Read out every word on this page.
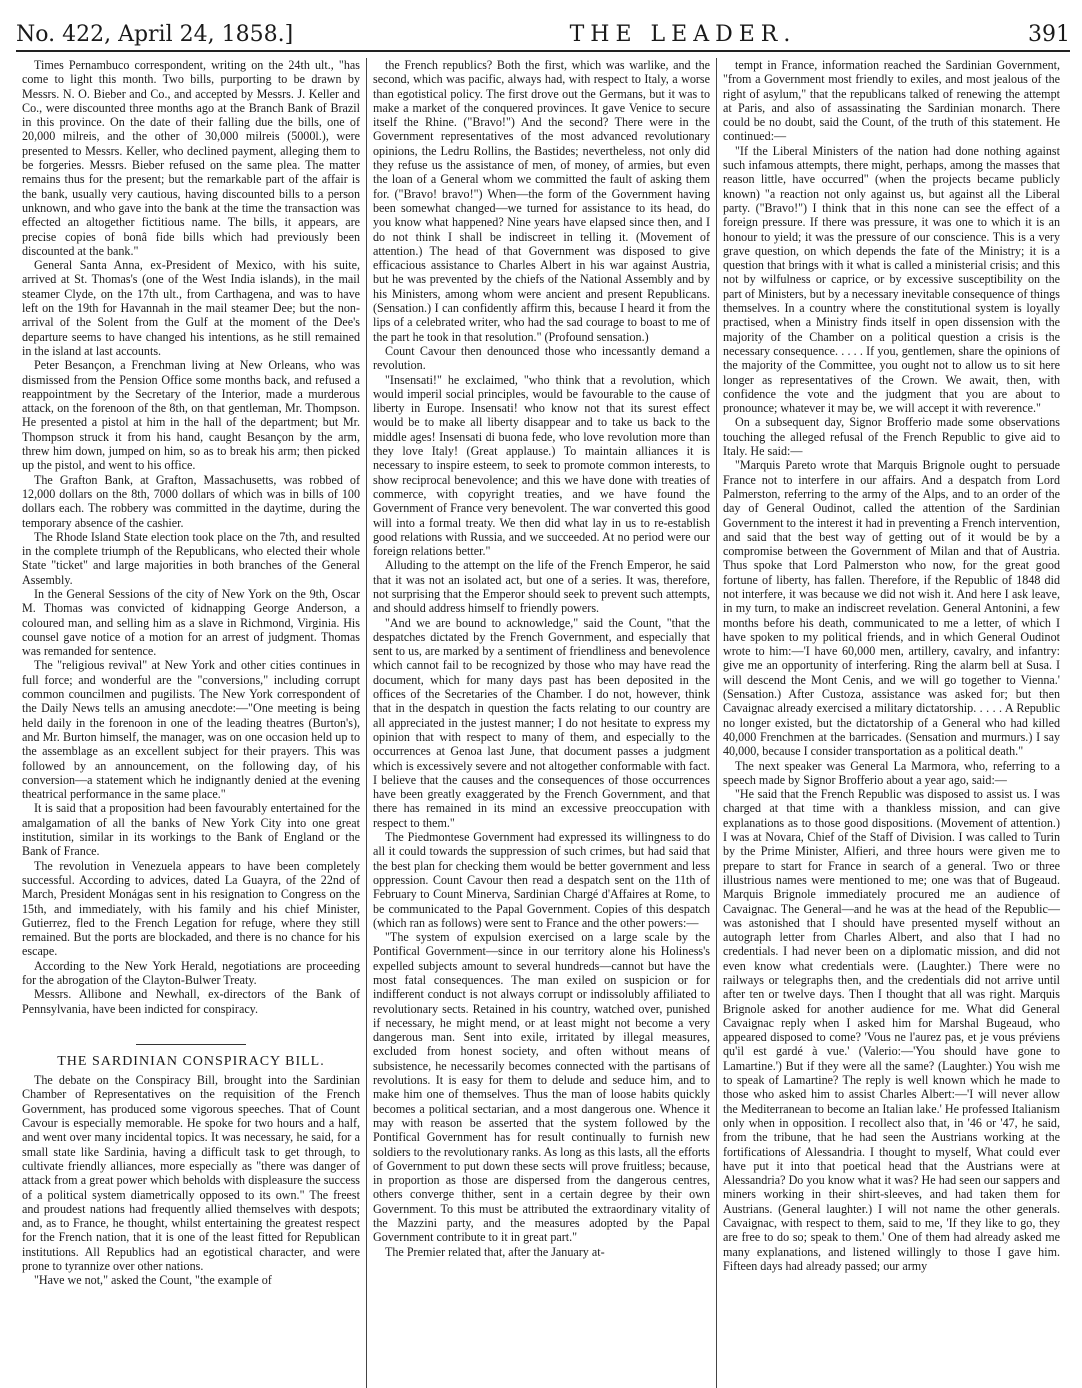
No. 422, April 24, 1858.]	THE LEADER.	391

Times Pernambuco correspondent, writing on the 24th ult., "has come to light this month. Two bills, purporting to be drawn by Messrs. N. O. Bieber and Co., and accepted by Messrs. J. Keller and Co., were discounted three months ago at the Branch Bank of Brazil in this province. On the date of their falling due the bills, one of 20,000 milreis, and the other of 30,000 milreis (5000l.), were presented to Messrs. Keller, who declined payment, alleging them to be forgeries. Messrs. Bieber refused on the same plea. The matter remains thus for the present; but the remarkable part of the affair is the bank, usually very cautious, having discounted bills to a person unknown, and who gave into the bank at the time the transaction was effected an altogether fictitious name. The bills, it appears, are precise copies of bonâ fide bills which had previously been discounted at the bank."

General Santa Anna, ex-President of Mexico, with his suite, arrived at St. Thomas's (one of the West India islands), in the mail steamer Clyde, on the 17th ult., from Carthagena, and was to have left on the 19th for Havannah in the mail steamer Dee; but the non-arrival of the Solent from the Gulf at the moment of the Dee's departure seems to have changed his intentions, as he still remained in the island at last accounts.

Peter Besançon, a Frenchman living at New Orleans, who was dismissed from the Pension Office some months back, and refused a reappointment by the Secretary of the Interior, made a murderous attack, on the forenoon of the 8th, on that gentleman, Mr. Thompson. He presented a pistol at him in the hall of the department; but Mr. Thompson struck it from his hand, caught Besançon by the arm, threw him down, jumped on him, so as to break his arm; then picked up the pistol, and went to his office.

The Grafton Bank, at Grafton, Massachusetts, was robbed of 12,000 dollars on the 8th, 7000 dollars of which was in bills of 100 dollars each. The robbery was committed in the daytime, during the temporary absence of the cashier.

The Rhode Island State election took place on the 7th, and resulted in the complete triumph of the Republicans, who elected their whole State "ticket" and large majorities in both branches of the General Assembly.

In the General Sessions of the city of New York on the 9th, Oscar M. Thomas was convicted of kidnapping George Anderson, a coloured man, and selling him as a slave in Richmond, Virginia. His counsel gave notice of a motion for an arrest of judgment. Thomas was remanded for sentence.

The "religious revival" at New York and other cities continues in full force; and wonderful are the "conversions," including corrupt common councilmen and pugilists. The New York correspondent of the Daily News tells an amusing anecdote:—"One meeting is being held daily in the forenoon in one of the leading theatres (Burton's), and Mr. Burton himself, the manager, was on one occasion held up to the assemblage as an excellent subject for their prayers. This was followed by an announcement, on the following day, of his conversion—a statement which he indignantly denied at the evening theatrical performance in the same place."

It is said that a proposition had been favourably entertained for the amalgamation of all the banks of New York City into one great institution, similar in its workings to the Bank of England or the Bank of France.

The revolution in Venezuela appears to have been completely successful. According to advices, dated La Guayra, of the 22nd of March, President Monágas sent in his resignation to Congress on the 15th, and immediately, with his family and his chief Minister, Gutierrez, fled to the French Legation for refuge, where they still remained. But the ports are blockaded, and there is no chance for his escape.

According to the New York Herald, negotiations are proceeding for the abrogation of the Clayton-Bulwer Treaty.

Messrs. Allibone and Newhall, ex-directors of the Bank of Pennsylvania, have been indicted for conspiracy.

THE SARDINIAN CONSPIRACY BILL.

The debate on the Conspiracy Bill, brought into the Sardinian Chamber of Representatives on the requisition of the French Government, has produced some vigorous speeches. That of Count Cavour is especially memorable. He spoke for two hours and a half, and went over many incidental topics. It was necessary, he said, for a small state like Sardinia, having a difficult task to get through, to cultivate friendly alliances, more especially as "there was danger of attack from a great power which beholds with displeasure the success of a political system diametrically opposed to its own." The freest and proudest nations had frequently allied themselves with despots; and, as to France, he thought, whilst entertaining the greatest respect for the French nation, that it is one of the least fitted for Republican institutions. All Republics had an egotistical character, and were prone to tyrannize over other nations.

"Have we not," asked the Count, "the example of

the French republics? Both the first, which was warlike, and the second, which was pacific, always had, with respect to Italy, a worse than egotistical policy. The first drove out the Germans, but it was to make a market of the conquered provinces. It gave Venice to secure itself the Rhine. ("Bravo!") And the second? There were in the Government representatives of the most advanced revolutionary opinions, the Ledru Rollins, the Bastides; nevertheless, not only did they refuse us the assistance of men, of money, of armies, but even the loan of a General whom we committed the fault of asking them for. ("Bravo! bravo!") When—the form of the Government having been somewhat changed—we turned for assistance to its head, do you know what happened? Nine years have elapsed since then, and I do not think I shall be indiscreet in telling it. (Movement of attention.) The head of that Government was disposed to give efficacious assistance to Charles Albert in his war against Austria, but he was prevented by the chiefs of the National Assembly and by his Ministers, among whom were ancient and present Republicans. (Sensation.) I can confidently affirm this, because I heard it from the lips of a celebrated writer, who had the sad courage to boast to me of the part he took in that resolution." (Profound sensation.)

Count Cavour then denounced those who incessantly demand a revolution.

"Insensati!" he exclaimed, "who think that a revolution, which would imperil social principles, would be favourable to the cause of liberty in Europe. Insensati! who know not that its surest effect would be to make all liberty disappear and to take us back to the middle ages! Insensati di buona fede, who love revolution more than they love Italy! (Great applause.) To maintain alliances it is necessary to inspire esteem, to seek to promote common interests, to show reciprocal benevolence; and this we have done with treaties of commerce, with copyright treaties, and we have found the Government of France very benevolent. The war converted this good will into a formal treaty. We then did what lay in us to re-establish good relations with Russia, and we succeeded. At no period were our foreign relations better."

Alluding to the attempt on the life of the French Emperor, he said that it was not an isolated act, but one of a series. It was, therefore, not surprising that the Emperor should seek to prevent such attempts, and should address himself to friendly powers.

"And we are bound to acknowledge," said the Count, "that the despatches dictated by the French Government, and especially that sent to us, are marked by a sentiment of friendliness and benevolence which cannot fail to be recognized by those who may have read the document, which for many days past has been deposited in the offices of the Secretaries of the Chamber. I do not, however, think that in the despatch in question the facts relating to our country are all appreciated in the justest manner; I do not hesitate to express my opinion that with respect to many of them, and especially to the occurrences at Genoa last June, that document passes a judgment which is excessively severe and not altogether conformable with fact. I believe that the causes and the consequences of those occurrences have been greatly exaggerated by the French Government, and that there has remained in its mind an excessive preoccupation with respect to them."

The Piedmontese Government had expressed its willingness to do all it could towards the suppression of such crimes, but had said that the best plan for checking them would be better government and less oppression. Count Cavour then read a despatch sent on the 11th of February to Count Minerva, Sardinian Chargé d'Affaires at Rome, to be communicated to the Papal Government. Copies of this despatch (which ran as follows) were sent to France and the other powers:—

"The system of expulsion exercised on a large scale by the Pontifical Government—since in our territory alone his Holiness's expelled subjects amount to several hundreds—cannot but have the most fatal consequences. The man exiled on suspicion or for indifferent conduct is not always corrupt or indissolubly affiliated to revolutionary sects. Retained in his country, watched over, punished if necessary, he might mend, or at least might not become a very dangerous man. Sent into exile, irritated by illegal measures, excluded from honest society, and often without means of subsistence, he necessarily becomes connected with the partisans of revolutions. It is easy for them to delude and seduce him, and to make him one of themselves. Thus the man of loose habits quickly becomes a political sectarian, and a most dangerous one. Whence it may with reason be asserted that the system followed by the Pontifical Government has for result continually to furnish new soldiers to the revolutionary ranks. As long as this lasts, all the efforts of Government to put down these sects will prove fruitless; because, in proportion as those are dispersed from the dangerous centres, others converge thither, sent in a certain degree by their own Government. To this must be attributed the extraordinary vitality of the Mazzini party, and the measures adopted by the Papal Government contribute to it in great part."

The Premier related that, after the January at-

tempt in France, information reached the Sardinian Government, "from a Government most friendly to exiles, and most jealous of the right of asylum," that the republicans talked of renewing the attempt at Paris, and also of assassinating the Sardinian monarch. There could be no doubt, said the Count, of the truth of this statement. He continued:—

"If the Liberal Ministers of the nation had done nothing against such infamous attempts, there might, perhaps, among the masses that reason little, have occurred" (when the projects became publicly known) "a reaction not only against us, but against all the Liberal party. ("Bravo!") I think that in this none can see the effect of a foreign pressure. If there was pressure, it was one to which it is an honour to yield; it was the pressure of our conscience. This is a very grave question, on which depends the fate of the Ministry; it is a question that brings with it what is called a ministerial crisis; and this not by wilfulness or caprice, or by excessive susceptibility on the part of Ministers, but by a necessary inevitable consequence of things themselves. In a country where the constitutional system is loyally practised, when a Ministry finds itself in open dissension with the majority of the Chamber on a political question a crisis is the necessary consequence. . . . . If you, gentlemen, share the opinions of the majority of the Committee, you ought not to allow us to sit here longer as representatives of the Crown. We await, then, with confidence the vote and the judgment that you are about to pronounce; whatever it may be, we will accept it with reverence."

On a subsequent day, Signor Brofferio made some observations touching the alleged refusal of the French Republic to give aid to Italy. He said:—

"Marquis Pareto wrote that Marquis Brignole ought to persuade France not to interfere in our affairs. And a despatch from Lord Palmerston, referring to the army of the Alps, and to an order of the day of General Oudinot, called the attention of the Sardinian Government to the interest it had in preventing a French intervention, and said that the best way of getting out of it would be by a compromise between the Government of Milan and that of Austria. Thus spoke that Lord Palmerston who now, for the great good fortune of liberty, has fallen. Therefore, if the Republic of 1848 did not interfere, it was because we did not wish it. And here I ask leave, in my turn, to make an indiscreet revelation. General Antonini, a few months before his death, communicated to me a letter, of which I have spoken to my political friends, and in which General Oudinot wrote to him:—'I have 60,000 men, artillery, cavalry, and infantry: give me an opportunity of interfering. Ring the alarm bell at Susa. I will descend the Mont Cenis, and we will go together to Vienna.' (Sensation.) After Custoza, assistance was asked for; but then Cavaignac already exercised a military dictatorship. . . . . A Republic no longer existed, but the dictatorship of a General who had killed 40,000 Frenchmen at the barricades. (Sensation and murmurs.) I say 40,000, because I consider transportation as a political death."

The next speaker was General La Marmora, who, referring to a speech made by Signor Brofferio about a year ago, said:—

"He said that the French Republic was disposed to assist us. I was charged at that time with a thankless mission, and can give explanations as to those good dispositions. (Movement of attention.) I was at Novara, Chief of the Staff of Division. I was called to Turin by the Prime Minister, Alfieri, and three hours were given me to prepare to start for France in search of a general. Two or three illustrious names were mentioned to me; one was that of Bugeaud. Marquis Brignole immediately procured me an audience of Cavaignac. The General—and he was at the head of the Republic—was astonished that I should have presented myself without an autograph letter from Charles Albert, and also that I had no credentials. I had never been on a diplomatic mission, and did not even know what credentials were. (Laughter.) There were no railways or telegraphs then, and the credentials did not arrive until after ten or twelve days. Then I thought that all was right. Marquis Brignole asked for another audience for me. What did General Cavaignac reply when I asked him for Marshal Bugeaud, who appeared disposed to come? 'Vous ne l'aurez pas, et je vous préviens qu'il est gardé à vue.' (Valerio:—'You should have gone to Lamartine.') But if they were all the same? (Laughter.) You wish me to speak of Lamartine? The reply is well known which he made to those who asked him to assist Charles Albert:—'I will never allow the Mediterranean to become an Italian lake.' He professed Italianism only when in opposition. I recollect also that, in '46 or '47, he said, from the tribune, that he had seen the Austrians working at the fortifications of Alessandria. I thought to myself, What could ever have put it into that poetical head that the Austrians were at Alessandria? Do you know what it was? He had seen our sappers and miners working in their shirt-sleeves, and had taken them for Austrians. (General laughter.) I will not name the other generals. Cavaignac, with respect to them, said to me, 'If they like to go, they are free to do so; speak to them.' One of them had already asked me many explanations, and listened willingly to those I gave him. Fifteen days had already passed; our army
